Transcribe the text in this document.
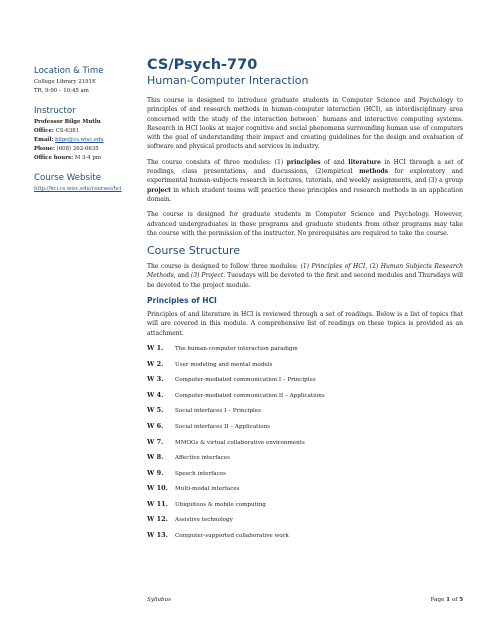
Location & Time
College Library 2191E
TR, 9:00 – 10:45 am
Instructor
Professor Bilge Mutlu
Office: CS-6381
Email: bilge@cs.wisc.edu
Phone: (608) 262-6635
Office hours: M 3-4 pm
Course Website
http://hci.cs.wisc.edu/courses/hci
CS/Psych-770
Human-Computer Interaction

This course is designed to introduce graduate students in Computer Science and Psychology to principles of and research methods in human-computer interaction (HCI), an interdisciplinary area concerned with the study of the interaction between` humans and interactive computing systems. Research in HCI looks at major cognitive and social phenomena surrounding human use of computers with the goal of understanding their impact and creating guidelines for the design and evaluation of software and physical products and services in industry.

The course consists of three modules: (1) principles of and literature in HCI through a set of readings, class presentations, and discussions, (2)empirical methods for exploratory and experimental human-subjects research in lectures, tutorials, and weekly assignments, and (3) a group project in which student teams will practice these principles and research methods in an application domain.

The course is designed for graduate students in Computer Science and Psychology. However, advanced undergraduates in these programs and graduate students from other programs may take the course with the permission of the instructor. No prerequisites are required to take the course.

Course Structure

The course is designed to follow three modules: (1) Principles of HCI, (2) Human Subjects Research Methods, and (3) Project. Tuesdays will be devoted to the first and second modules and Thursdays will be devoted to the project module.

Principles of HCI

Principles of and literature in HCI is reviewed through a set of readings. Below is a list of topics that will are covered in this module. A comprehensive list of readings on these topics is provided as an attachment.

W 1.	The human-computer interaction paradigm
W 2.	User modeling and mental models
W 3.	Computer-mediated communication I – Principles
W 4.	Computer-mediated communication II – Applications
W 5.	Social interfaces I – Principles
W 6.	Social interfaces II – Applications
W 7.	MMOGs & virtual collaborative environments
W 8.	Affective interfaces
W 9.	Speech interfaces
W 10.	Multi-modal interfaces
W 11.	Ubiquitous & mobile computing
W 12.	Assistive technology
W 13.	Computer-supported collaborative work
Syllabus	Page 1 of 5
